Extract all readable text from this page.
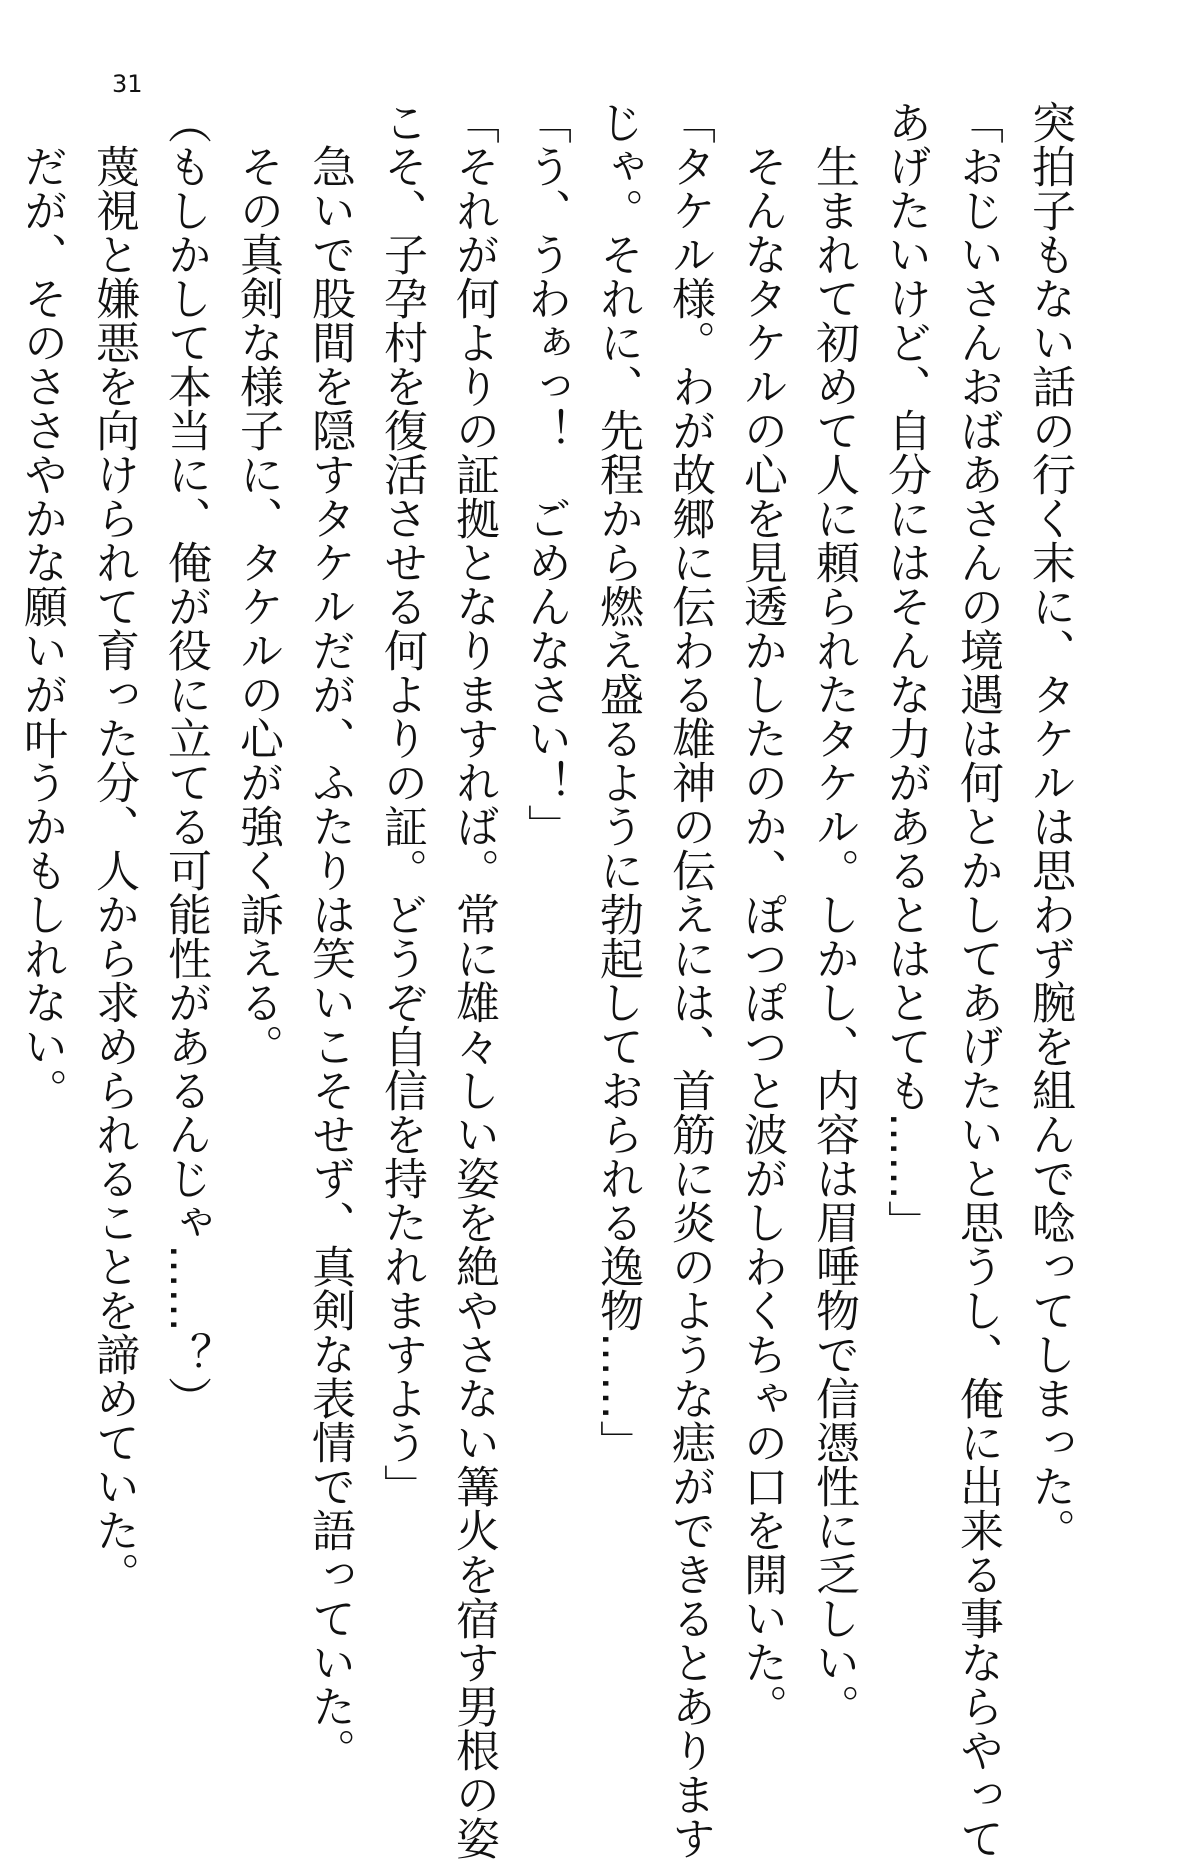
31

突拍子もない話の行く末に、タケルは思わず腕を組んで唸ってしまった。

「おじいさんおばあさんの境遇は何とかしてあげたいと思うし、俺に出来る事ならやって

あげたいけど、自分にはそんな力があるとはとても……」

　生まれて初めて人に頼られたタケル。しかし、内容は眉唾物で信憑性に乏しい。

　そんなタケルの心を見透かしたのか、ぽつぽつと波がしわくちゃの口を開いた。

「タケル様。わが故郷に伝わる雄神の伝えには、首筋に炎のような痣ができるとあります

じゃ。それに、先程から燃え盛るように勃起しておられる逸物……」

「う、うわぁっ！　ごめんなさい！」

「それが何よりの証拠となりますれば。常に雄々しい姿を絶やさない篝火を宿す男根の姿

こそ、子孕村を復活させる何よりの証。どうぞ自信を持たれますよう」

　急いで股間を隠すタケルだが、ふたりは笑いこそせず、真剣な表情で語っていた。

　その真剣な様子に、タケルの心が強く訴える。

（もしかして本当に、俺が役に立てる可能性があるんじゃ……？）

　蔑視と嫌悪を向けられて育った分、人から求められることを諦めていた。

　だが、そのささやかな願いが叶うかもしれない。
